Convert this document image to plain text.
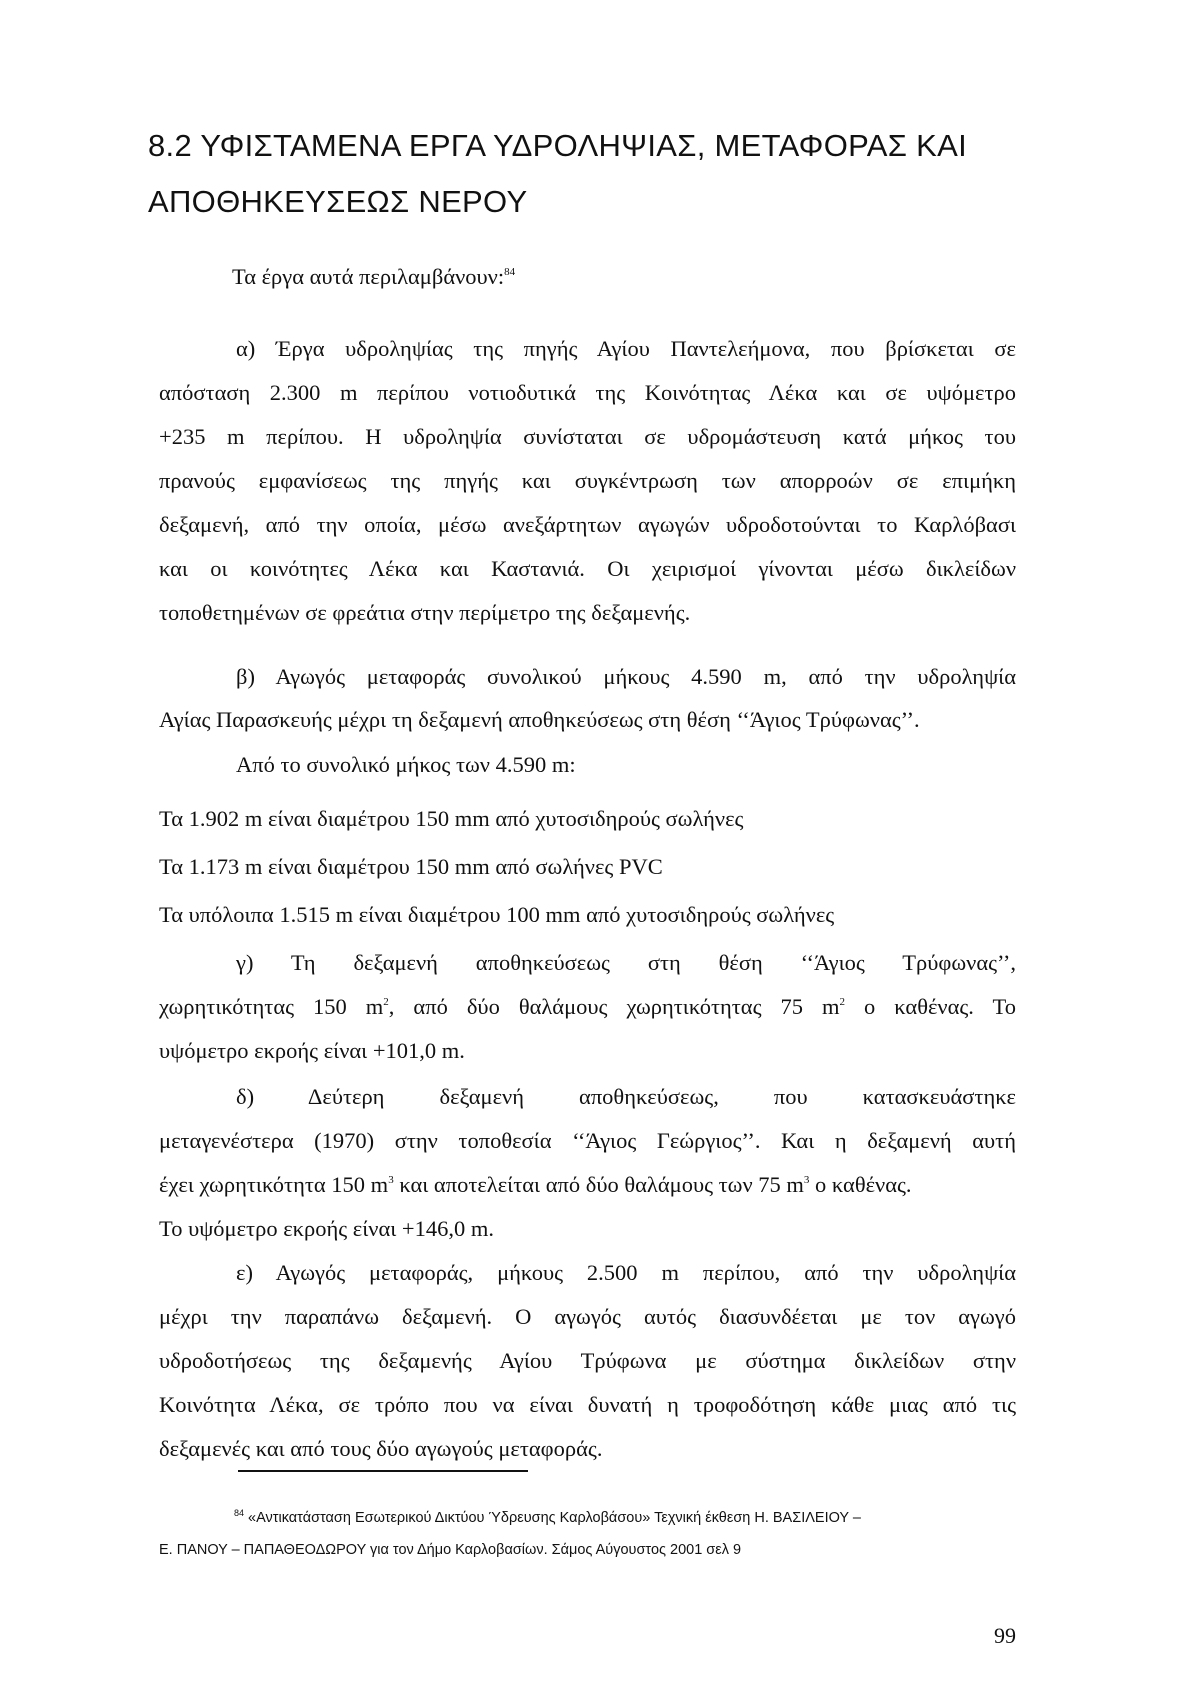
8.2 ΥΦΙΣΤΑΜΕΝΑ ΕΡΓΑ ΥΔΡΟΛΗΨΙΑΣ, ΜΕΤΑΦΟΡΑΣ ΚΑΙ
ΑΠΟΘΗΚΕΥΣΕΩΣ ΝΕΡΟΥ
Τα έργα αυτά περιλαμβάνουν:$^{84}$
α) Έργα υδροληψίας της πηγής Αγίου Παντελεήμονα, που βρίσκεται σε
απόσταση 2.300 m περίπου νοτιοδυτικά της Κοινότητας Λέκα και σε υψόμετρο
+235 m περίπου. Η υδροληψία συνίσταται σε υδρομάστευση κατά μήκος του
πρανούς εμφανίσεως της πηγής και συγκέντρωση των απορροών σε επιμήκη
δεξαμενή, από την οποία, μέσω ανεξάρτητων αγωγών υδροδοτούνται το Καρλόβασι
και οι κοινότητες Λέκα και Καστανιά. Οι χειρισμοί γίνονται μέσω δικλείδων
τοποθετημένων σε φρεάτια στην περίμετρο της δεξαμενής.
β) Αγωγός μεταφοράς συνολικού μήκους 4.590 m, από την υδροληψία
Αγίας Παρασκευής μέχρι τη δεξαμενή αποθηκεύσεως στη θέση ‘‘Άγιος Τρύφωνας’’.
Από το συνολικό μήκος των 4.590 m:
Τα 1.902 m είναι διαμέτρου 150 mm από χυτοσιδηρούς σωλήνες
Τα 1.173 m είναι διαμέτρου 150 mm από σωλήνες PVC
Τα υπόλοιπα 1.515 m είναι διαμέτρου 100 mm από χυτοσιδηρούς σωλήνες
γ) Τη δεξαμενή αποθηκεύσεως στη θέση ‘‘Άγιος Τρύφωνας’’,
χωρητικότητας 150 $m^2$, από δύο θαλάμους χωρητικότητας 75 $m^2$ ο καθένας. Το
υψόμετρο εκροής είναι +101,0 m.
δ) Δεύτερη δεξαμενή αποθηκεύσεως, που κατασκευάστηκε
μεταγενέστερα (1970) στην τοποθεσία ‘‘Άγιος Γεώργιος’’. Και η δεξαμενή αυτή
έχει χωρητικότητα 150 $m^3$ και αποτελείται από δύο θαλάμους των 75 $m^3$ ο καθένας.
Το υψόμετρο εκροής είναι +146,0 m.
ε) Αγωγός μεταφοράς, μήκους 2.500 m περίπου, από την υδροληψία
μέχρι την παραπάνω δεξαμενή. Ο αγωγός αυτός διασυνδέεται με τον αγωγό
υδροδοτήσεως της δεξαμενής Αγίου Τρύφωνα με σύστημα δικλείδων στην
Κοινότητα Λέκα, σε τρόπο που να είναι δυνατή η τροφοδότηση κάθε μιας από τις
δεξαμενές και από τους δύο αγωγούς μεταφοράς.
$^{84}$ «Αντικατάσταση Εσωτερικού Δικτύου Ύδρευσης Καρλοβάσου» Τεχνική έκθεση Η. ΒΑΣΙΛΕΙΟΥ –
Ε. ΠΑΝΟΥ – ΠΑΠΑΘΕΟΔΩΡΟΥ για τον Δήμο Καρλοβασίων. Σάμος Αύγουστος 2001 σελ 9
99
